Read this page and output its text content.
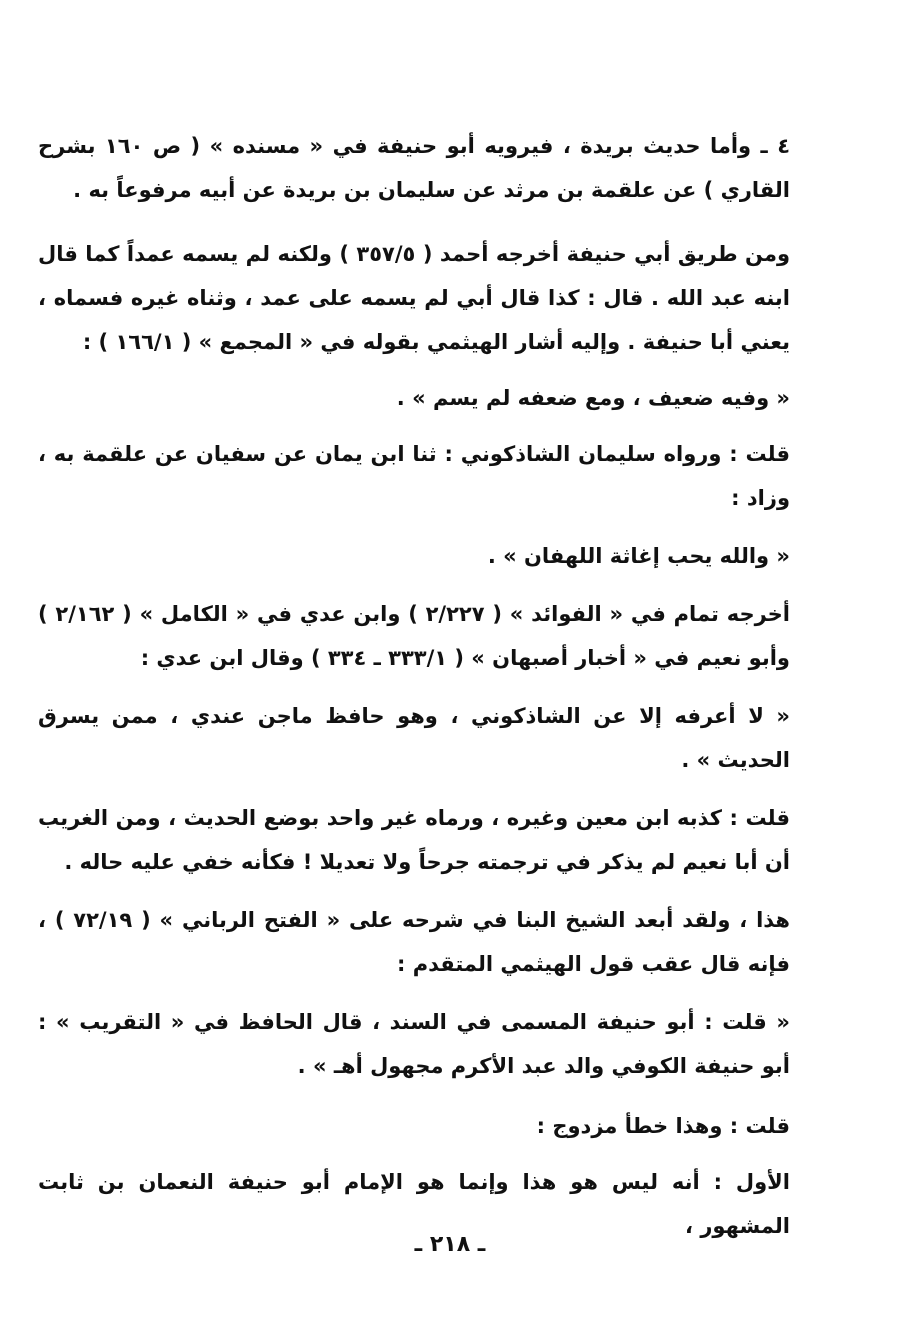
٤ ـ وأما حديث بريدة ، فيرويه أبو حنيفة في « مسنده » ( ص ١٦٠ بشرح القاري ) عن علقمة بن مرثد عن سليمان بن بريدة عن أبيه مرفوعاً به .
ومن طريق أبي حنيفة أخرجه أحمد ( ٣٥٧/٥ ) ولكنه لم يسمه عمداً كما قال ابنه عبد الله . قال : كذا قال أبي لم يسمه على عمد ، وثناه غيره فسماه ، يعني أبا حنيفة . وإليه أشار الهيثمي بقوله في « المجمع » ( ١٦٦/١ ) :
« وفيه ضعيف ، ومع ضعفه لم يسم » .
قلت : ورواه سليمان الشاذكوني : ثنا ابن يمان عن سفيان عن علقمة به ، وزاد :
« والله يحب إغاثة اللهفان » .
أخرجه تمام في « الفوائد » ( ٢/٢٢٧ ) وابن عدي في « الكامل » ( ٢/١٦٢ ) وأبو نعيم في « أخبار أصبهان » ( ٣٣٣/١ ـ ٣٣٤ ) وقال ابن عدي :
« لا أعرفه إلا عن الشاذكوني ، وهو حافظ ماجن عندي ، ممن يسرق الحديث » .
قلت : كذبه ابن معين وغيره ، ورماه غير واحد بوضع الحديث ، ومن الغريب أن أبا نعيم لم يذكر في ترجمته جرحاً ولا تعديلا ! فكأنه خفي عليه حاله .
هذا ، ولقد أبعد الشيخ البنا في شرحه على « الفتح الرباني » ( ٧٢/١٩ ) ، فإنه قال عقب قول الهيثمي المتقدم :
« قلت : أبو حنيفة المسمى في السند ، قال الحافظ في « التقريب » : أبو حنيفة الكوفي والد عبد الأكرم مجهول أهـ » .
قلت : وهذا خطأ مزدوج :
الأول : أنه ليس هو هذا وإنما هو الإمام أبو حنيفة النعمان بن ثابت المشهور ،
ـ ٢١٨ ـ
